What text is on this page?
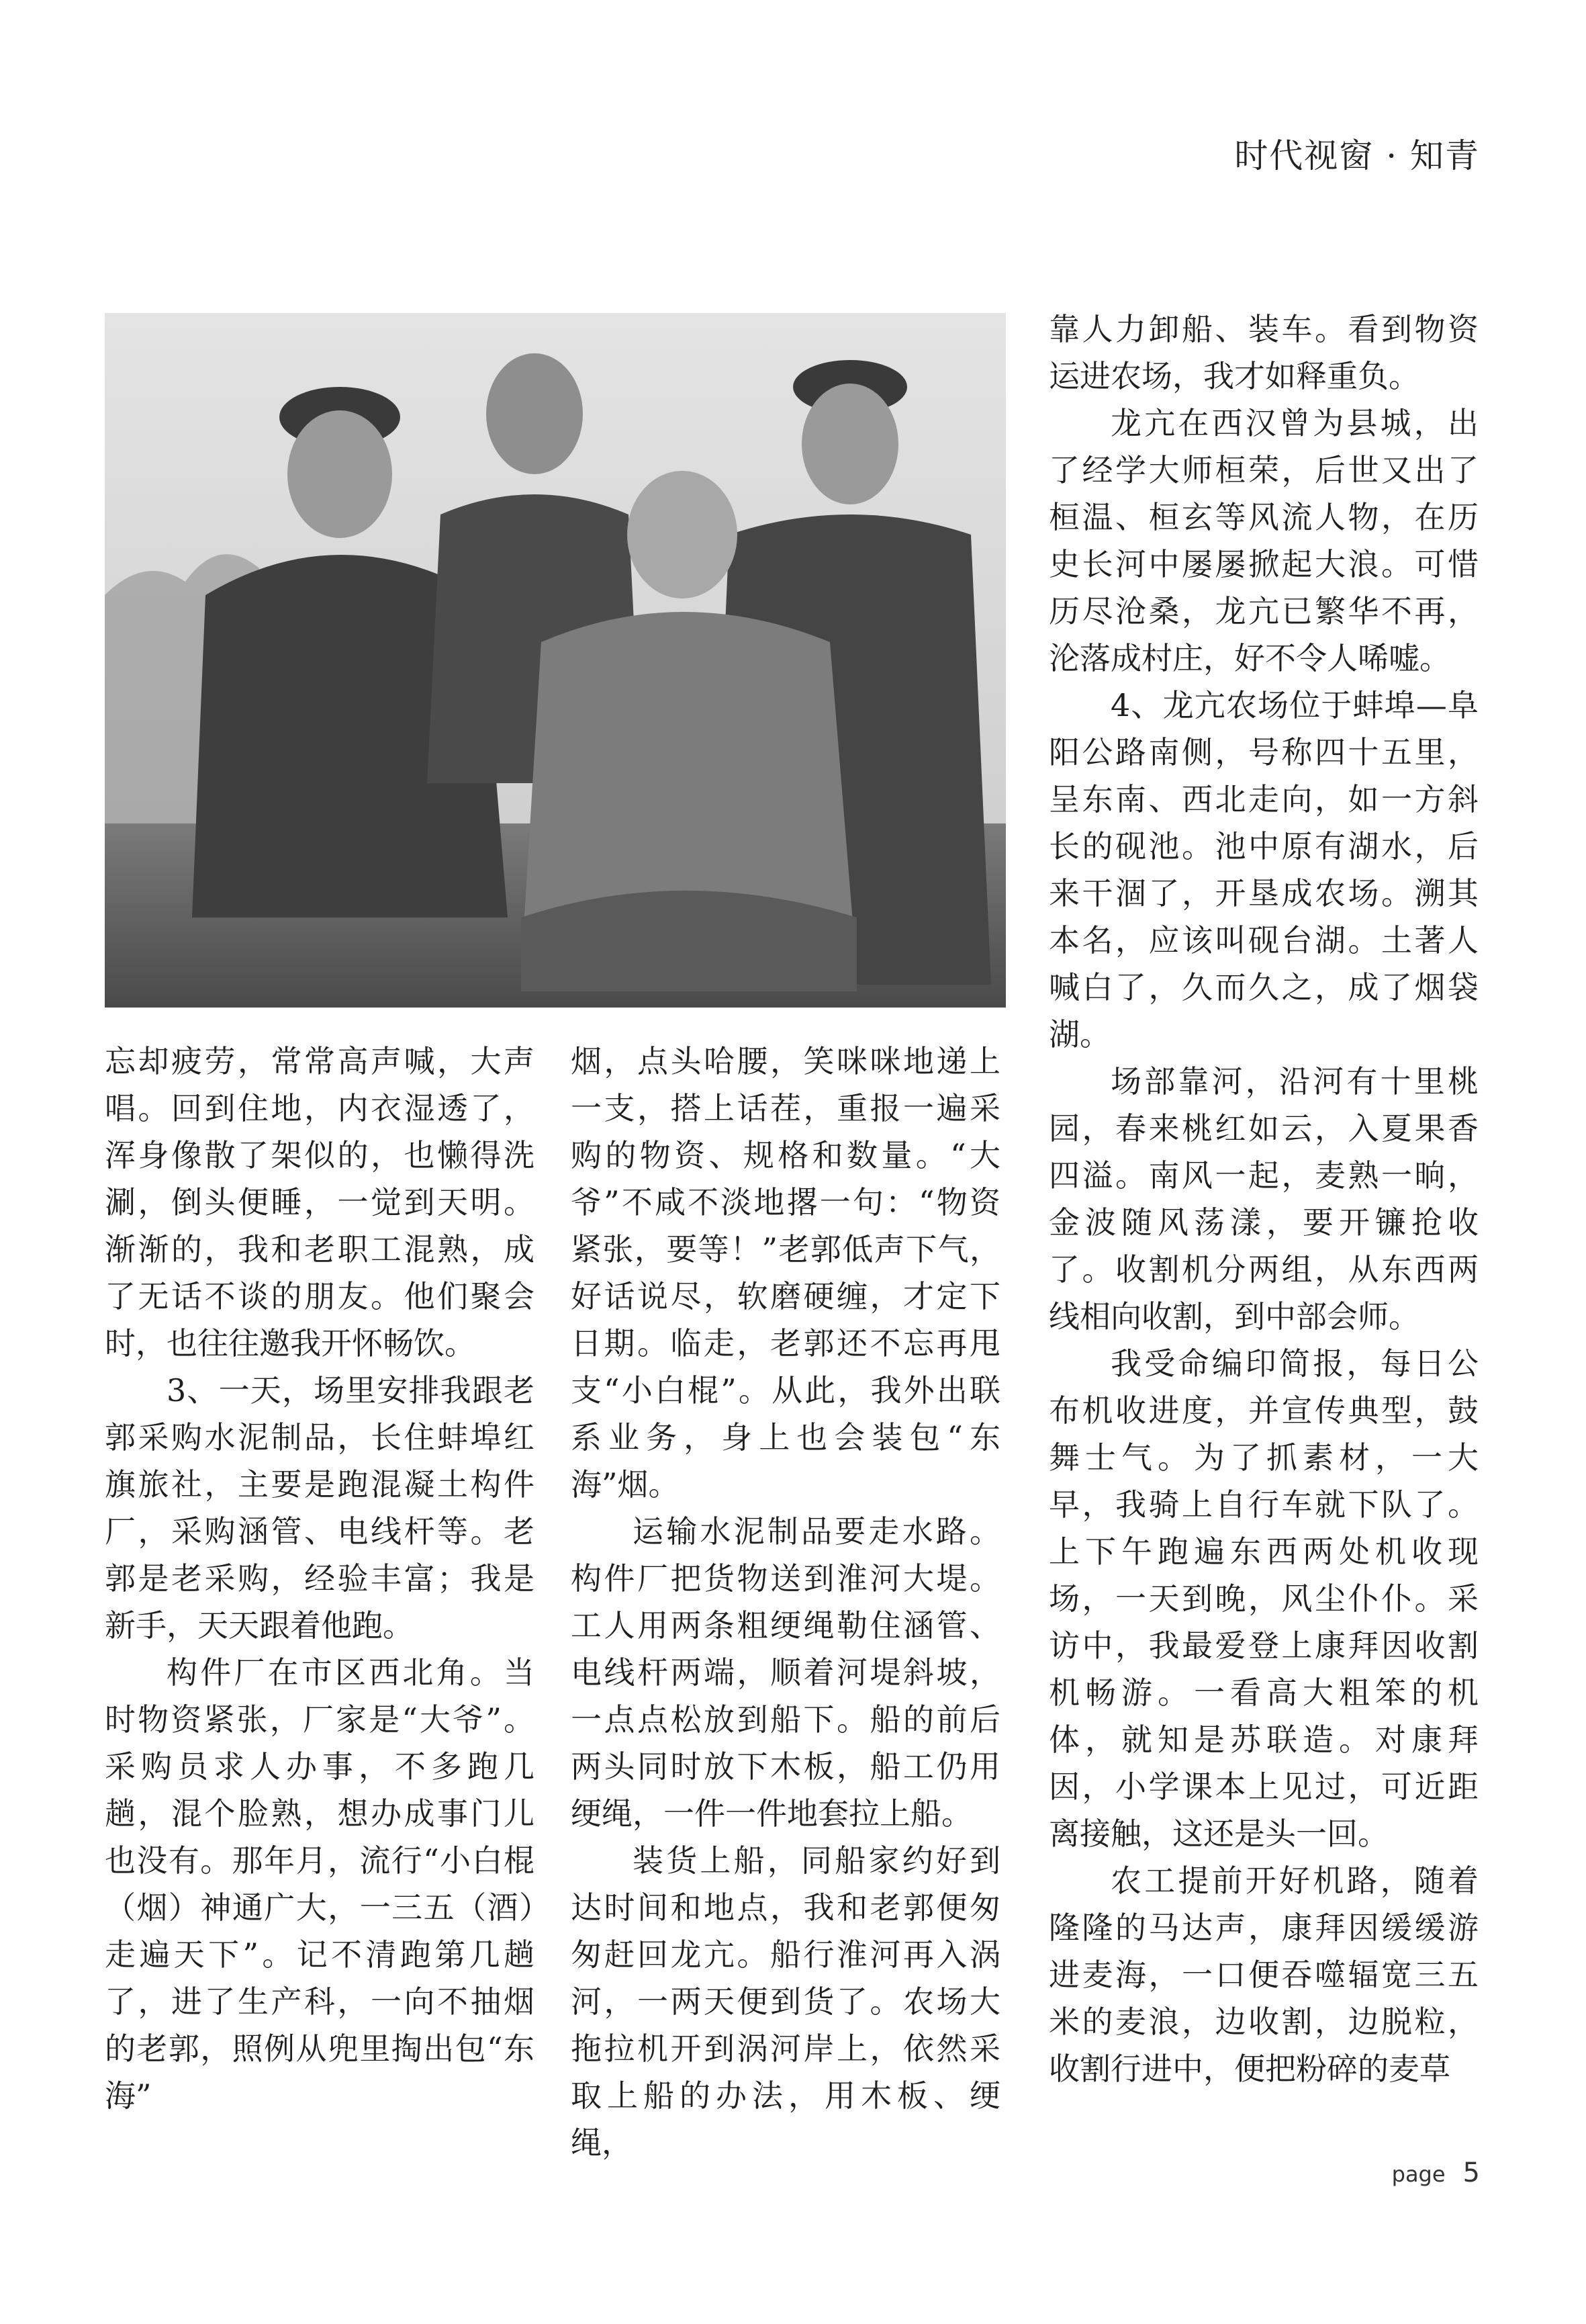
时代视窗 · 知青

忘却疲劳，常常高声喊，大声唱。回到住地，内衣湿透了，浑身像散了架似的，也懒得洗涮，倒头便睡，一觉到天明。渐渐的，我和老职工混熟，成了无话不谈的朋友。他们聚会时，也往往邀我开怀畅饮。

3、一天，场里安排我跟老郭采购水泥制品，长住蚌埠红旗旅社，主要是跑混凝土构件厂，采购涵管、电线杆等。老郭是老采购，经验丰富；我是新手，天天跟着他跑。

构件厂在市区西北角。当时物资紧张，厂家是“大爷”。采购员求人办事，不多跑几趟，混个脸熟，想办成事门儿也没有。那年月，流行“小白棍（烟）神通广大，一三五（酒）走遍天下”。记不清跑第几趟了，进了生产科，一向不抽烟的老郭，照例从兜里掏出包“东海”

烟，点头哈腰，笑咪咪地递上一支，搭上话茬，重报一遍采购的物资、规格和数量。“大爷”不咸不淡地撂一句：“物资紧张，要等！”老郭低声下气，好话说尽，软磨硬缠，才定下日期。临走，老郭还不忘再甩支“小白棍”。从此，我外出联系业务，身上也会装包“东海”烟。

运输水泥制品要走水路。构件厂把货物送到淮河大堤。工人用两条粗绠绳勒住涵管、电线杆两端，顺着河堤斜坡，一点点松放到船下。船的前后两头同时放下木板，船工仍用绠绳，一件一件地套拉上船。

装货上船，同船家约好到达时间和地点，我和老郭便匆匆赶回龙亢。船行淮河再入涡河，一两天便到货了。农场大拖拉机开到涡河岸上，依然采取上船的办法，用木板、绠绳，

靠人力卸船、装车。看到物资运进农场，我才如释重负。

龙亢在西汉曾为县城，出了经学大师桓荣，后世又出了桓温、桓玄等风流人物，在历史长河中屡屡掀起大浪。可惜历尽沧桑，龙亢已繁华不再，沦落成村庄，好不令人唏嘘。

4、龙亢农场位于蚌埠—阜阳公路南侧，号称四十五里，呈东南、西北走向，如一方斜长的砚池。池中原有湖水，后来干涸了，开垦成农场。溯其本名，应该叫砚台湖。土著人喊白了，久而久之，成了烟袋湖。

场部靠河，沿河有十里桃园，春来桃红如云，入夏果香四溢。南风一起，麦熟一晌，金波随风荡漾，要开镰抢收了。收割机分两组，从东西两线相向收割，到中部会师。

我受命编印简报，每日公布机收进度，并宣传典型，鼓舞士气。为了抓素材，一大早，我骑上自行车就下队了。上下午跑遍东西两处机收现场，一天到晚，风尘仆仆。采访中，我最爱登上康拜因收割机畅游。一看高大粗笨的机体，就知是苏联造。对康拜因，小学课本上见过，可近距离接触，这还是头一回。

农工提前开好机路，随着隆隆的马达声，康拜因缓缓游进麦海，一口便吞噬辐宽三五米的麦浪，边收割，边脱粒，收割行进中，便把粉碎的麦草

page 5
